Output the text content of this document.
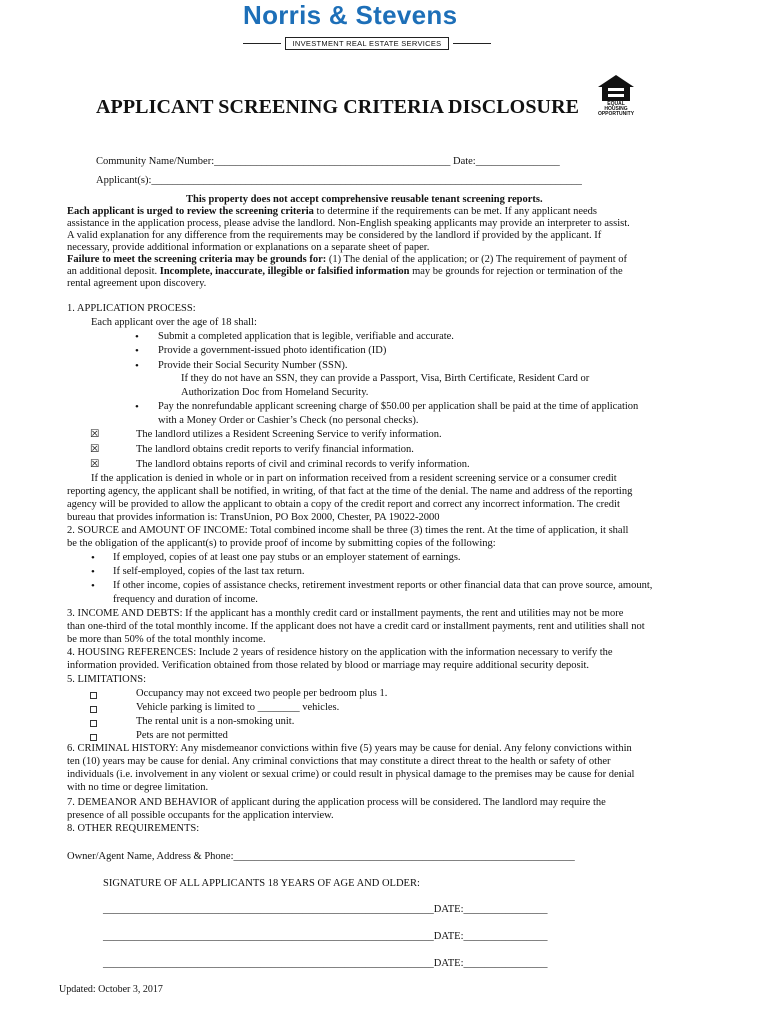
Norris & Stevens
INVESTMENT REAL ESTATE SERVICES
EQUAL HOUSING OPPORTUNITY
APPLICANT SCREENING CRITERIA DISCLOSURE
Community Name/Number:_____________________________________________ Date:________________
Applicant(s):__________________________________________________________________________________
This property does not accept comprehensive reusable tenant screening reports.
Each applicant is urged to review the screening criteria to determine if the requirements can be met. If any applicant needs
assistance in the application process, please advise the landlord. Non-English speaking applicants may provide an interpreter to assist.
A valid explanation for any difference from the requirements may be considered by the landlord if provided by the applicant. If
necessary, provide additional information or explanations on a separate sheet of paper.
Failure to meet the screening criteria may be grounds for: (1) The denial of the application; or (2) The requirement of payment of
an additional deposit. Incomplete, inaccurate, illegible or falsified information may be grounds for rejection or termination of the
rental agreement upon discovery.
1. APPLICATION PROCESS:
Each applicant over the age of 18 shall:
• Submit a completed application that is legible, verifiable and accurate.
• Provide a government-issued photo identification (ID)
• Provide their Social Security Number (SSN).
If they do not have an SSN, they can provide a Passport, Visa, Birth Certificate, Resident Card or
Authorization Doc from Homeland Security.
• Pay the nonrefundable applicant screening charge of $50.00 per application shall be paid at the time of application
with a Money Order or Cashier’s Check (no personal checks).
☒	The landlord utilizes a Resident Screening Service to verify information.
☒	The landlord obtains credit reports to verify financial information.
☒	The landlord obtains reports of civil and criminal records to verify information.
If the application is denied in whole or in part on information received from a resident screening service or a consumer credit
reporting agency, the applicant shall be notified, in writing, of that fact at the time of the denial. The name and address of the reporting
agency will be provided to allow the applicant to obtain a copy of the credit report and correct any incorrect information. The credit
bureau that provides information is: TransUnion, PO Box 2000, Chester, PA 19022-2000
2. SOURCE and AMOUNT OF INCOME: Total combined income shall be three (3) times the rent. At the time of application, it shall
be the obligation of the applicant(s) to provide proof of income by submitting copies of the following:
• If employed, copies of at least one pay stubs or an employer statement of earnings.
• If self-employed, copies of the last tax return.
• If other income, copies of assistance checks, retirement investment reports or other financial data that can prove source, amount,
frequency and duration of income.
3. INCOME AND DEBTS: If the applicant has a monthly credit card or installment payments, the rent and utilities may not be more
than one-third of the total monthly income. If the applicant does not have a credit card or installment payments, rent and utilities shall not
be more than 50% of the total monthly income.
4. HOUSING REFERENCES: Include 2 years of residence history on the application with the information necessary to verify the
information provided. Verification obtained from those related by blood or marriage may require additional security deposit.
5. LIMITATIONS:
Occupancy may not exceed two people per bedroom plus 1.
Vehicle parking is limited to ________ vehicles.
The rental unit is a non-smoking unit.
Pets are not permitted
6. CRIMINAL HISTORY: Any misdemeanor convictions within five (5) years may be cause for denial. Any felony convictions within
ten (10) years may be cause for denial. Any criminal convictions that may constitute a direct threat to the health or safety of other
individuals (i.e. involvement in any violent or sexual crime) or could result in physical damage to the premises may be cause for denial
with no time or degree limitation.
7. DEMEANOR AND BEHAVIOR of applicant during the application process will be considered. The landlord may require the
presence of all possible occupants for the application interview.
8. OTHER REQUIREMENTS:
Owner/Agent Name, Address & Phone:_________________________________________________________________
SIGNATURE OF ALL APPLICANTS 18 YEARS OF AGE AND OLDER:
_______________________________________________________________DATE:________________
_______________________________________________________________DATE:________________
_______________________________________________________________DATE:________________
Updated: October 3, 2017
